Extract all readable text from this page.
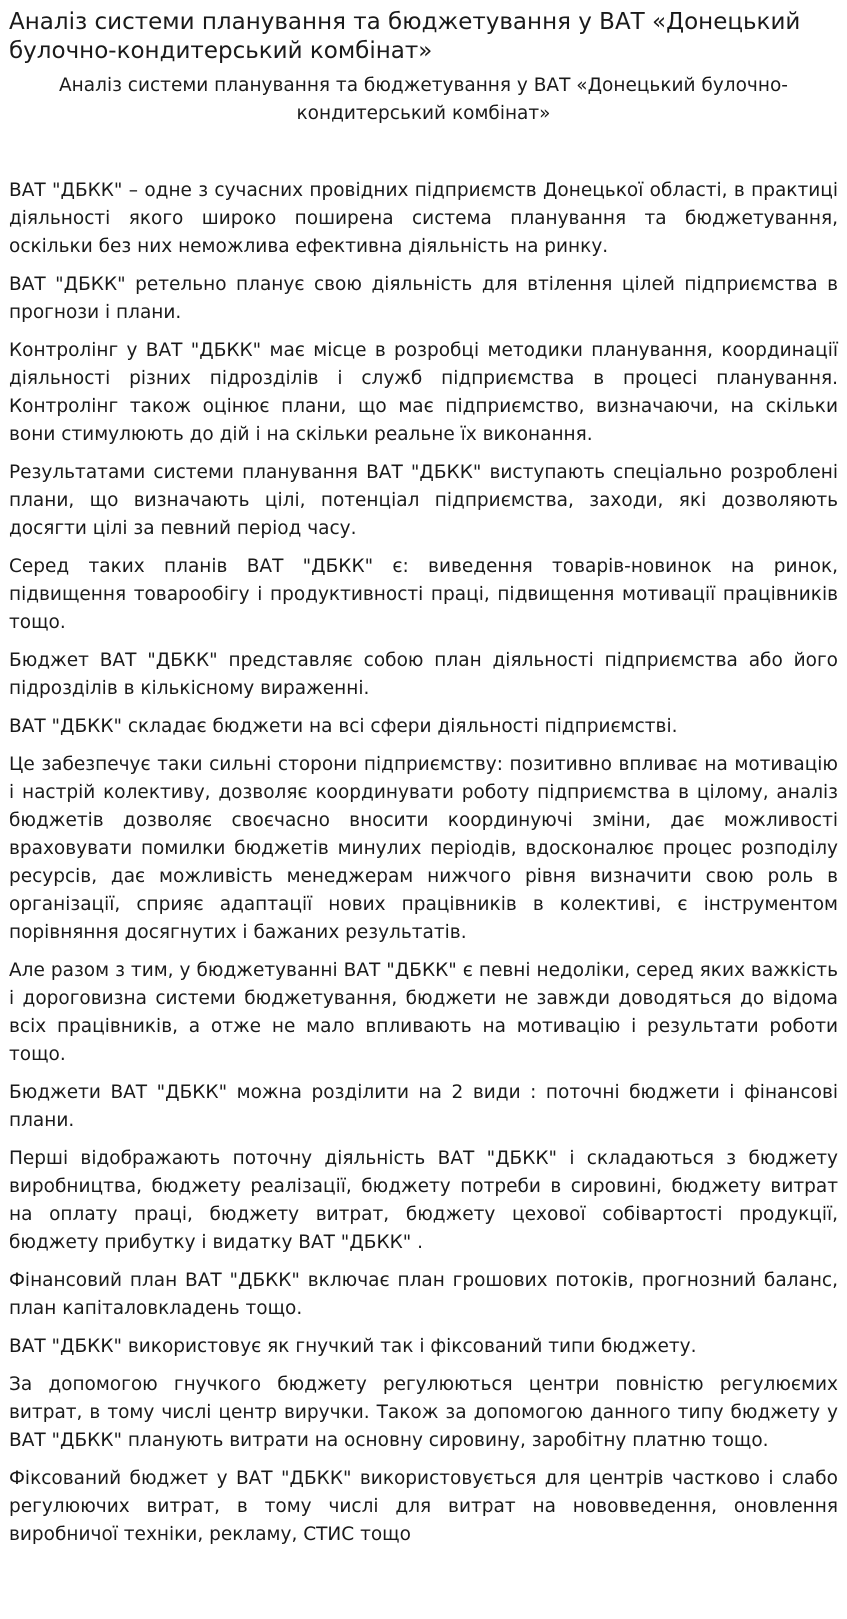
Аналіз системи планування та бюджетування у ВАТ «Донецький булочно-кондитерський комбінат»
Аналіз системи планування та бюджетування у ВАТ «Донецький булочно-кондитерський комбінат»

ВАТ "ДБКК" – одне з сучасних провідних підприємств Донецької області, в практиці діяльності якого широко поширена система планування та бюджетування, оскільки без них неможлива ефективна діяльність на ринку.

ВАТ "ДБКК" ретельно планує свою діяльність для втілення цілей підприємства в прогнози і плани.

Контролінг у ВАТ "ДБКК" має місце в розробці методики планування, координації діяльності різних підрозділів і служб підприємства в процесі планування. Контролінг також оцінює плани, що має підприємство, визначаючи, на скільки вони стимулюють до дій і на скільки реальне їх виконання.

Результатами системи планування ВАТ "ДБКК" виступають спеціально розроблені плани, що визначають цілі, потенціал підприємства, заходи, які дозволяють досягти цілі за певний період часу.

Серед таких планів ВАТ "ДБКК" є: виведення товарів-новинок на ринок, підвищення товарообігу і продуктивності праці, підвищення мотивації працівників тощо.

Бюджет ВАТ "ДБКК" представляє собою план діяльності підприємства або його підрозділів в кількісному вираженні.

ВАТ "ДБКК" складає бюджети на всі сфери діяльності підприємстві.

Це забезпечує таки сильні сторони підприємству: позитивно впливає на мотивацію і настрій колективу, дозволяє координувати роботу підприємства в цілому, аналіз бюджетів дозволяє своєчасно вносити координуючі зміни, дає можливості враховувати помилки бюджетів минулих періодів, вдосконалює процес розподілу ресурсів, дає можливість менеджерам нижчого рівня визначити свою роль в організації, сприяє адаптації нових працівників в колективі, є інструментом порівняння досягнутих і бажаних результатів.

Але разом з тим, у бюджетуванні ВАТ "ДБКК" є певні недоліки, серед яких важкість і дороговизна системи бюджетування, бюджети не завжди доводяться до відома всіх працівників, а отже не мало впливають на мотивацію і результати роботи тощо.

Бюджети ВАТ "ДБКК" можна розділити на 2 види : поточні бюджети і фінансові плани.

Перші відображають поточну діяльність ВАТ "ДБКК" і складаються з бюджету виробництва, бюджету реалізації, бюджету потреби в сировині, бюджету витрат на оплату праці, бюджету витрат, бюджету цехової собівартості продукції, бюджету прибутку і видатку ВАТ "ДБКК" .

Фінансовий план ВАТ "ДБКК" включає план грошових потоків, прогнозний баланс, план капіталовкладень тощо.

ВАТ "ДБКК" використовує як гнучкий так і фіксований типи бюджету.

За допомогою гнучкого бюджету регулюються центри повністю регулюємих витрат, в тому числі центр виручки. Також за допомогою данного типу бюджету у ВАТ "ДБКК" планують витрати на основну сировину, заробітну платню тощо.

Фіксований бюджет у ВАТ "ДБКК" використовується для центрів частково і слабо регулюючих витрат, в тому числі для витрат на нововведення, оновлення виробничої техніки, рекламу, СТИС тощо
